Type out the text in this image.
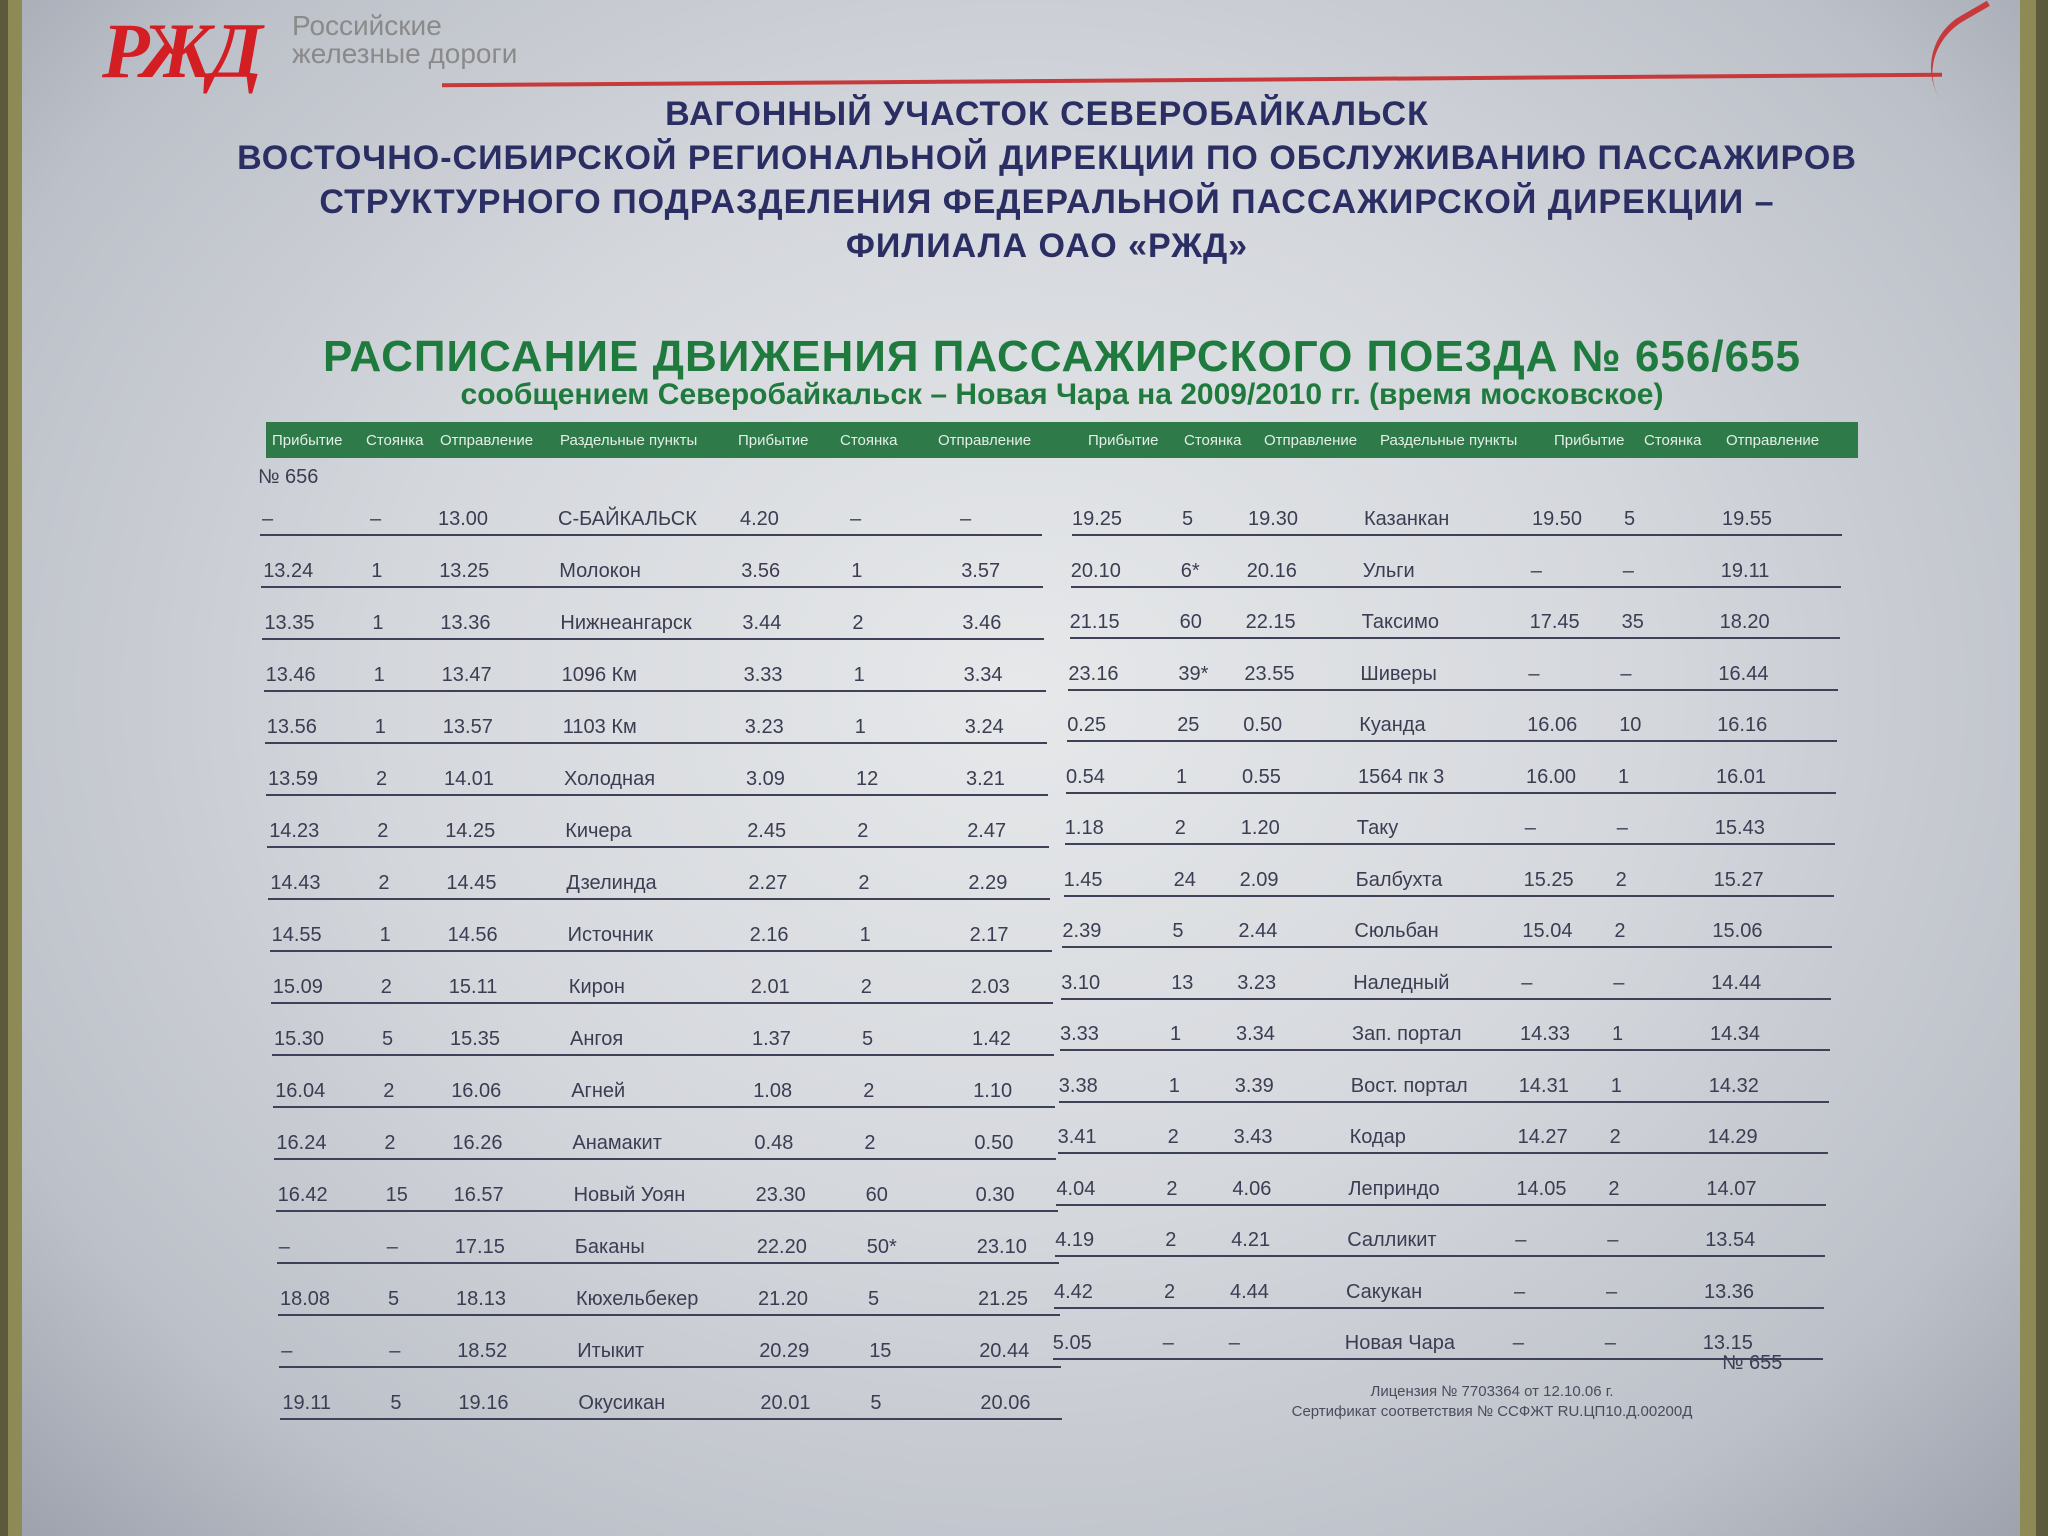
РЖД Российские
железные дороги
ВАГОННЫЙ УЧАСТОК СЕВЕРОБАЙКАЛЬСК
ВОСТОЧНО-СИБИРСКОЙ РЕГИОНАЛЬНОЙ ДИРЕКЦИИ ПО ОБСЛУЖИВАНИЮ ПАССАЖИРОВ
СТРУКТУРНОГО ПОДРАЗДЕЛЕНИЯ ФЕДЕРАЛЬНОЙ ПАССАЖИРСКОЙ ДИРЕКЦИИ –
ФИЛИАЛА ОАО «РЖД»
РАСПИСАНИЕ ДВИЖЕНИЯ ПАССАЖИРСКОГО ПОЕЗДА № 656/655
сообщением Северобайкальск – Новая Чара на 2009/2010 гг. (время московское)
Прибытие Стоянка Отправление Раздельные пункты	Прибытие Стоянка	Отправление	Прибытие Стоянка Отправление Раздельные пункты Прибытие Стоянка Отправление
№ 656
№ 655
–	–	13.00	С-БАЙКАЛЬСК 4.20	–	–
13.24	1	13.25	Молокон	3.56	1	3.57
13.35	1	13.36	Нижнеангарск	3.44	2	3.46
13.46	1	13.47	1096 Км	3.33	1	3.34
13.56	1	13.57	1103 Км	3.23	1	3.24
13.59	2	14.01	Холодная	3.09	12	3.21
14.23	2	14.25	Кичера	2.45	2	2.47
14.43	2	14.45	Дзелинда	2.27	2	2.29
14.55	1	14.56	Источник	2.16	1	2.17
15.09	2	15.11	Кирон	2.01	2	2.03
15.30	5	15.35	Ангоя	1.37	5	1.42
16.04	2	16.06	Агней	1.08	2	1.10
16.24	2	16.26	Анамакит	0.48	2	0.50
16.42	15 16.57	Новый Уоян	23.30	60	0.30
–	–	17.15	Баканы	22.20	50*	23.10
18.08	5	18.13	Кюхельбекер	21.20	5	21.25
–	–	18.52	Итыкит	20.29	15	20.44
19.11	5	19.16	Окусикан	20.01	5	20.06
19.25	5	19.30	Казанкан	19.50 5	19.55
20.10	6* 20.16	Ульги	–	–	19.11
21.15	60 22.15	Таксимо	17.45 35	18.20
23.16	39* 23.55	Шиверы	–	–	16.44
0.25	25 0.50	Куанда	16.06 10	16.16
0.54	1	0.55	1564 пк 3	16.00 1	16.01
1.18	2	1.20	Таку	–	–	15.43
1.45	24 2.09	Балбухта	15.25 2	15.27
2.39	5	2.44	Сюльбан	15.04 2	15.06
3.10	13 3.23	Наледный	–	–	14.44
3.33	1	3.34	Зап. портал	14.33 1	14.34
3.38	1	3.39	Вост. портал	14.31 1	14.32
3.41	2	3.43	Кодар	14.27 2	14.29
4.04	2	4.06	Леприндо	14.05 2	14.07
4.19	2	4.21	Салликит	–	–	13.54
4.42	2	4.44	Сакукан	–	–	13.36
5.05	–	–	Новая Чара	–	–	13.15
Лицензия № 7703364 от 12.10.06 г.
Сертификат соответствия № ССФЖТ RU.ЦП10.Д.00200Д
